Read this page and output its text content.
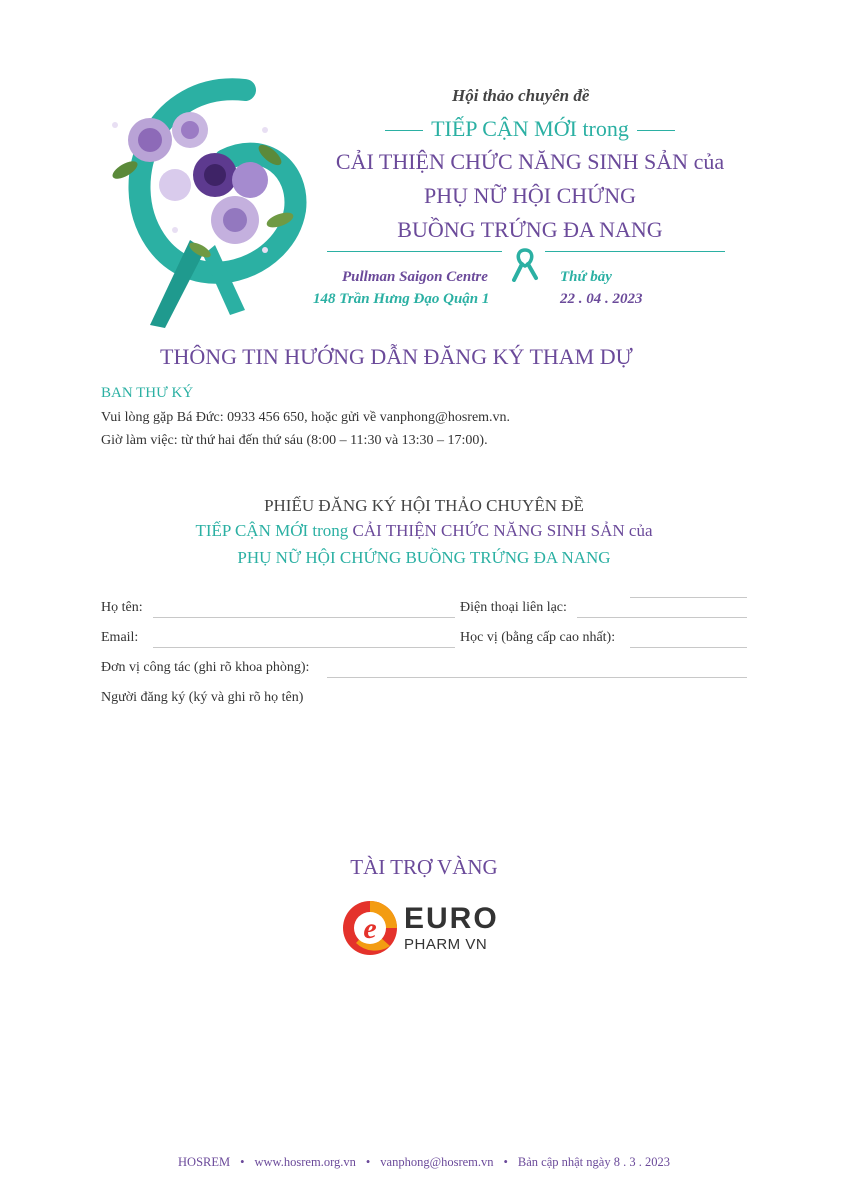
Hội thảo chuyên đề
TIẾP CẬN MỚI trong
CẢI THIỆN CHỨC NĂNG SINH SẢN của
PHỤ NỮ HỘI CHỨNG
BUỒNG TRỨNG ĐA NANG
Pullman Saigon Centre
148 Trần Hưng Đạo Quận 1
Thứ bảy
22 . 04 . 2023
THÔNG TIN HƯỚNG DẪN ĐĂNG KÝ THAM DỰ
BAN THƯ KÝ
Vui lòng gặp Bá Đức: 0933 456 650, hoặc gửi về vanphong@hosrem.vn.
Giờ làm việc: từ thứ hai đến thứ sáu (8:00 – 11:30 và 13:30 – 17:00).
PHIẾU ĐĂNG KÝ HỘI THẢO CHUYÊN ĐỀ
TIẾP CẬN MỚI trong CẢI THIỆN CHỨC NĂNG SINH SẢN của
PHỤ NỮ HỘI CHỨNG BUỒNG TRỨNG ĐA NANG
Họ tên:	Điện thoại liên lạc:
Email:	Học vị (bằng cấp cao nhất):
Đơn vị công tác (ghi rõ khoa phòng):
Người đăng ký (ký và ghi rõ họ tên)
TÀI TRỢ VÀNG
e EURO
PHARM VN
HOSREM • www.hosrem.org.vn • vanphong@hosrem.vn • Bản cập nhật ngày 8 . 3 . 2023
